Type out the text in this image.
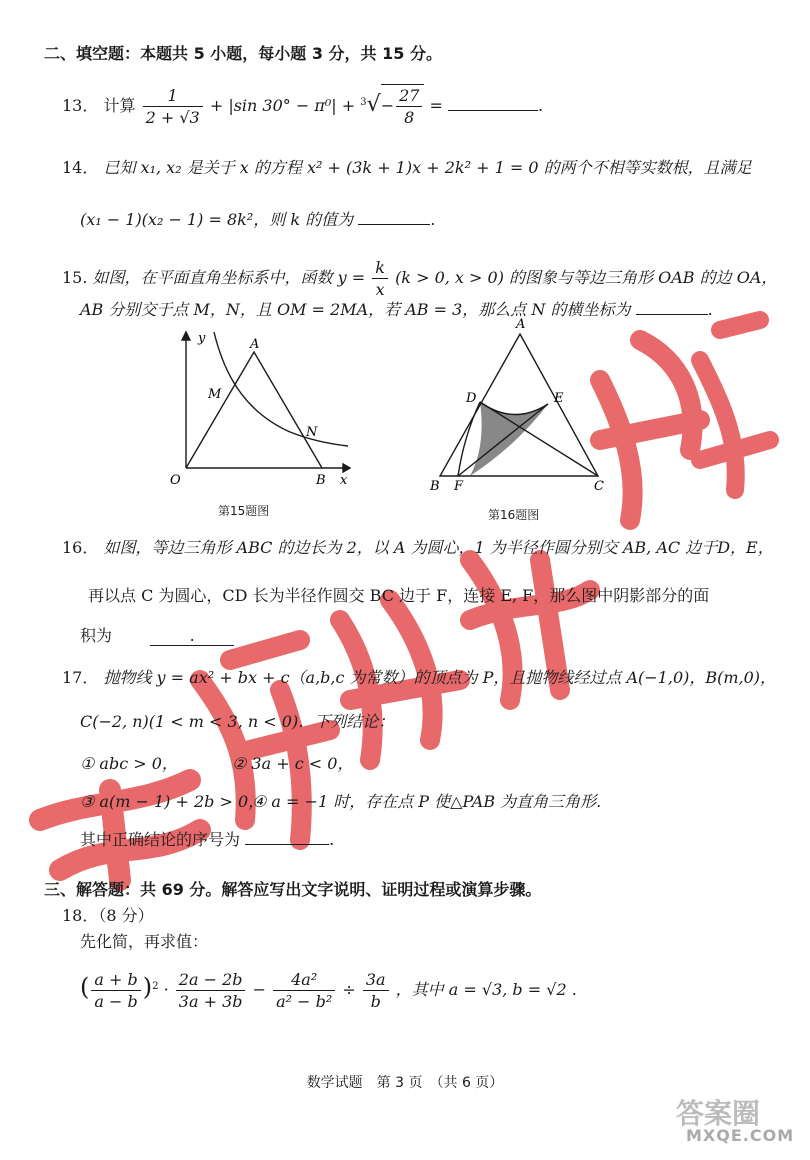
二、填空题：本题共 5 小题，每小题 3 分，共 15 分。
13． 计算 $\frac{1}{2 + √3} + |\sin$ $30^\circ - \pi^0| + ^3√- \frac{27}{8}$ =	.
14． 已知 x₁, x₂ 是关于 x 的方程 x² + (3k + 1)x + 2k² + 1 = 0 的两个不相等实数根，且满足
(x₁ − 1)(x₂ − 1) = 8k²，则 k 的值为	.
15. 如图，在平面直角坐标系中，函数 $y = \frac{k}{x} (k > 0$, x > 0) 的图象与等边三角形 OAB 的边 OA，
AB 分别交于点 M，N，且 OM = 2MA，若 AB = 3，那么点 N 的横坐标为	.
y
x
O
A
B
M
N
第15题图
A
B	C
D	E
F
第16题图
16． 如图，等边三角形 ABC 的边长为 2，以 A 为圆心，1 为半径作圆分别交 AB, AC 边于D，E，
再以点 C 为圆心，CD 长为半径作圆交 BC 边于 F，连接 E, F，那么图中阴影部分的面
积为	.
17． 抛物线 y = ax² + bx + c（a,b,c 为常数）的顶点为 P，且抛物线经过点 A(−1,0)，B(m,0)，
C(−2, n)(1 < m < 3, n < 0)．下列结论：
① abc > 0，	② 3a + c < 0，
③ a(m − 1) + 2b > 0，
④ a = −1 时，存在点 P 使△PAB 为直角三角形.
其中正确结论的序号为	.
三、解答题：共 69 分。解答应写出文字说明、证明过程或演算步骤。
18．（8 分）
先化简，再求值：
( $\frac{a + b}{a - b} )^2 \cdot \frac{2a - 2b}{3a + 3b} - \frac{\text{4a²}}{\text{a² − b²}} \div \frac{3a}{b}$ ，其中 a = √3, b = √2 .
数学试题　第 3 页　（共 6 页）
答案圈
MXQE.COM
